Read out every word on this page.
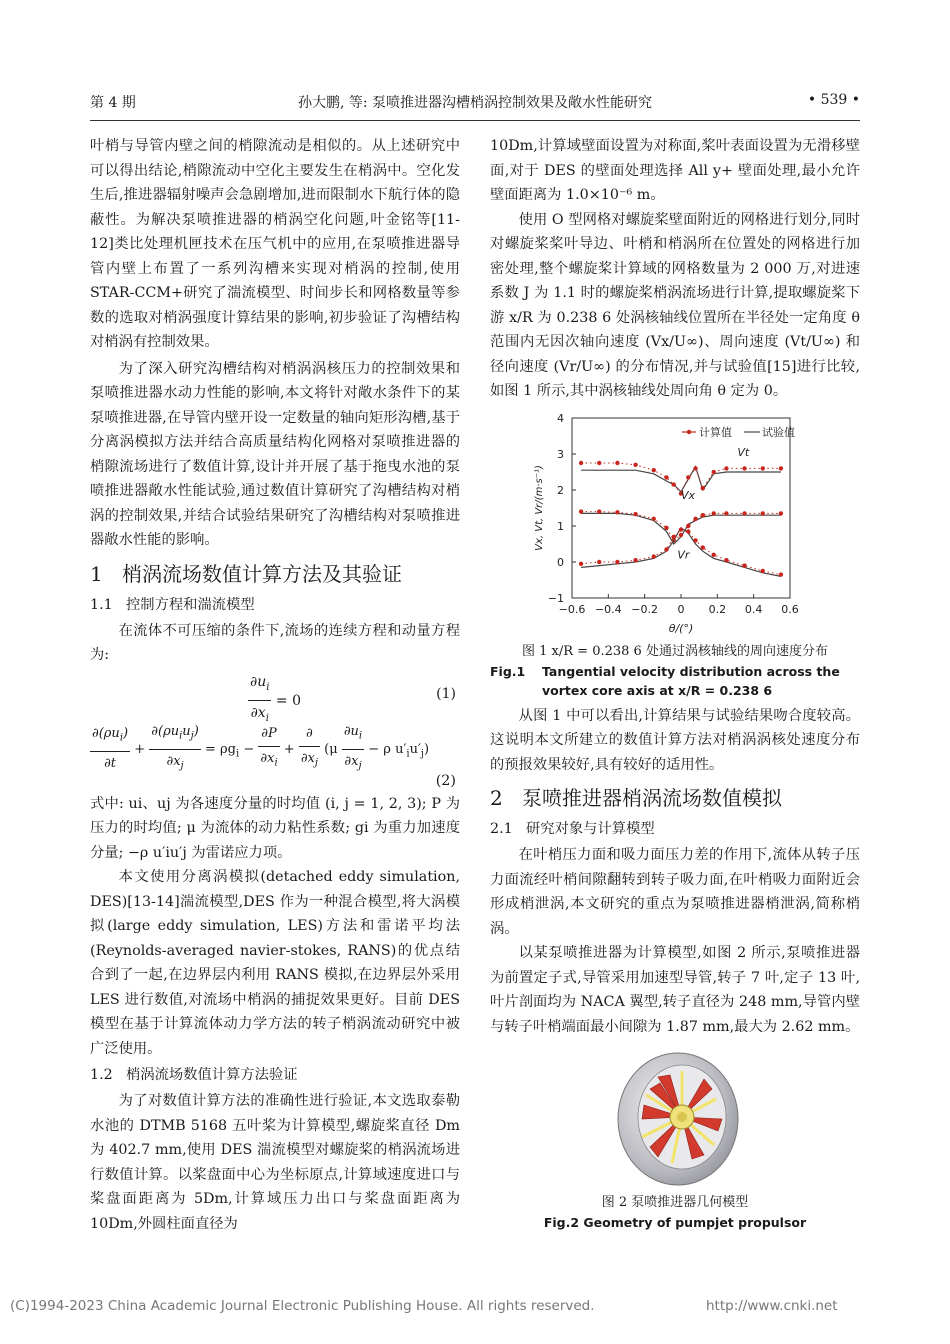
第 4 期	孙大鹏, 等: 泵喷推进器沟槽梢涡控制效果及敞水性能研究	• 539 •

叶梢与导管内壁之间的梢隙流动是相似的。从上述研究中可以得出结论,梢隙流动中空化主要发生在梢涡中。空化发生后,推进器辐射噪声会急剧增加,进而限制水下航行体的隐蔽性。为解决泵喷推进器的梢涡空化问题,叶金铭等[11-12]类比处理机匣技术在压气机中的应用,在泵喷推进器导管内壁上布置了一系列沟槽来实现对梢涡的控制,使用 STAR-CCM+研究了湍流模型、时间步长和网格数量等参数的选取对梢涡强度计算结果的影响,初步验证了沟槽结构对梢涡有控制效果。

为了深入研究沟槽结构对梢涡涡核压力的控制效果和泵喷推进器水动力性能的影响,本文将针对敞水条件下的某泵喷推进器,在导管内壁开设一定数量的轴向矩形沟槽,基于分离涡模拟方法并结合高质量结构化网格对泵喷推进器的梢隙流场进行了数值计算,设计并开展了基于拖曳水池的泵喷推进器敞水性能试验,通过数值计算研究了沟槽结构对梢涡的控制效果,并结合试验结果研究了沟槽结构对泵喷推进器敞水性能的影响。

1 梢涡流场数值计算方法及其验证
1.1 控制方程和湍流模型

在流体不可压缩的条件下,流场的连续方程和动量方程为:

$\frac{\partial u_i}{\partial x_i} = 0$	(1)
$\frac{\partial(\rho u_i)}{\partial t} + \frac{\partial(\rho u_iu_j)}{\partial x_j} = \rho g_i - \frac{\partial P}{\partial x_i} + \frac{\partial}{\partial x_j} (\mu \frac{\partial u_i}{\partial x_j} - \rho$ $u'_iu'_j$)
(2)

式中: ui、uj 为各速度分量的时均值 (i, j = 1, 2, 3); P 为压力的时均值; μ 为流体的动力粘性系数; gi 为重力加速度分量; −ρ u′iu′j 为雷诺应力项。

本文使用分离涡模拟(detached eddy simulation, DES)[13-14]湍流模型,DES 作为一种混合模型,将大涡模拟(large eddy simulation, LES)方法和雷诺平均法(Reynolds-averaged navier-stokes, RANS)的优点结合到了一起,在边界层内利用 RANS 模拟,在边界层外采用 LES 进行数值,对流场中梢涡的捕捉效果更好。目前 DES 模型在基于计算流体动力学方法的转子梢涡流动研究中被广泛使用。

1.2 梢涡流场数值计算方法验证

为了对数值计算方法的准确性进行验证,本文选取泰勒水池的 DTMB 5168 五叶桨为计算模型,螺旋桨直径 Dm 为 402.7 mm,使用 DES 湍流模型对螺旋桨的梢涡流场进行数值计算。以桨盘面中心为坐标原点,计算域速度进口与桨盘面距离为 5Dm,计算域压力出口与桨盘面距离为 10Dm,外圆柱面直径为

10Dm,计算域壁面设置为对称面,桨叶表面设置为无滑移壁面,对于 DES 的壁面处理选择 All y+ 壁面处理,最小允许壁面距离为 1.0×10⁻⁶ m。

使用 O 型网格对螺旋桨壁面附近的网格进行划分,同时对螺旋桨桨叶导边、叶梢和梢涡所在位置处的网格进行加密处理,整个螺旋桨计算域的网格数量为 2 000 万,对进速系数 J 为 1.1 时的螺旋桨梢涡流场进行计算,提取螺旋桨下游 x/R 为 0.238 6 处涡核轴线位置所在半径处一定角度 θ 范围内无因次轴向速度 (Vx/U∞)、周向速度 (Vt/U∞) 和径向速度 (Vr/U∞) 的分布情况,并与试验值[15]进行比较,如图 1 所示,其中涡核轴线处周向角 θ 定为 0。

−0.6 −0.4 −0.2 0 0.2 0.4 0.6
−1
0
1
2
3
4
θ/(°)
Vx, Vt, Vr/(m·s⁻¹)
Vt
Vx
Vr
计算值	试验值
图 1 x/R = 0.238 6 处通过涡核轴线的周向速度分布
Fig.1	Tangential velocity distribution across the vortex core axis at x/R = 0.238 6

从图 1 中可以看出,计算结果与试验结果吻合度较高。这说明本文所建立的数值计算方法对梢涡涡核处速度分布的预报效果较好,具有较好的适用性。

2 泵喷推进器梢涡流场数值模拟
2.1 研究对象与计算模型

在叶梢压力面和吸力面压力差的作用下,流体从转子压力面流经叶梢间隙翻转到转子吸力面,在叶梢吸力面附近会形成梢泄涡,本文研究的重点为泵喷推进器梢泄涡,简称梢涡。

以某泵喷推进器为计算模型,如图 2 所示,泵喷推进器为前置定子式,导管采用加速型导管,转子 7 叶,定子 13 叶,叶片剖面均为 NACA 翼型,转子直径为 248 mm,导管内壁与转子叶梢端面最小间隙为 1.87 mm,最大为 2.62 mm。

图 2 泵喷推进器几何模型
Fig.2 Geometry of pumpjet propulsor
(C)1994-2023 China Academic Journal Electronic Publishing House. All rights reserved.	http://www.cnki.net
